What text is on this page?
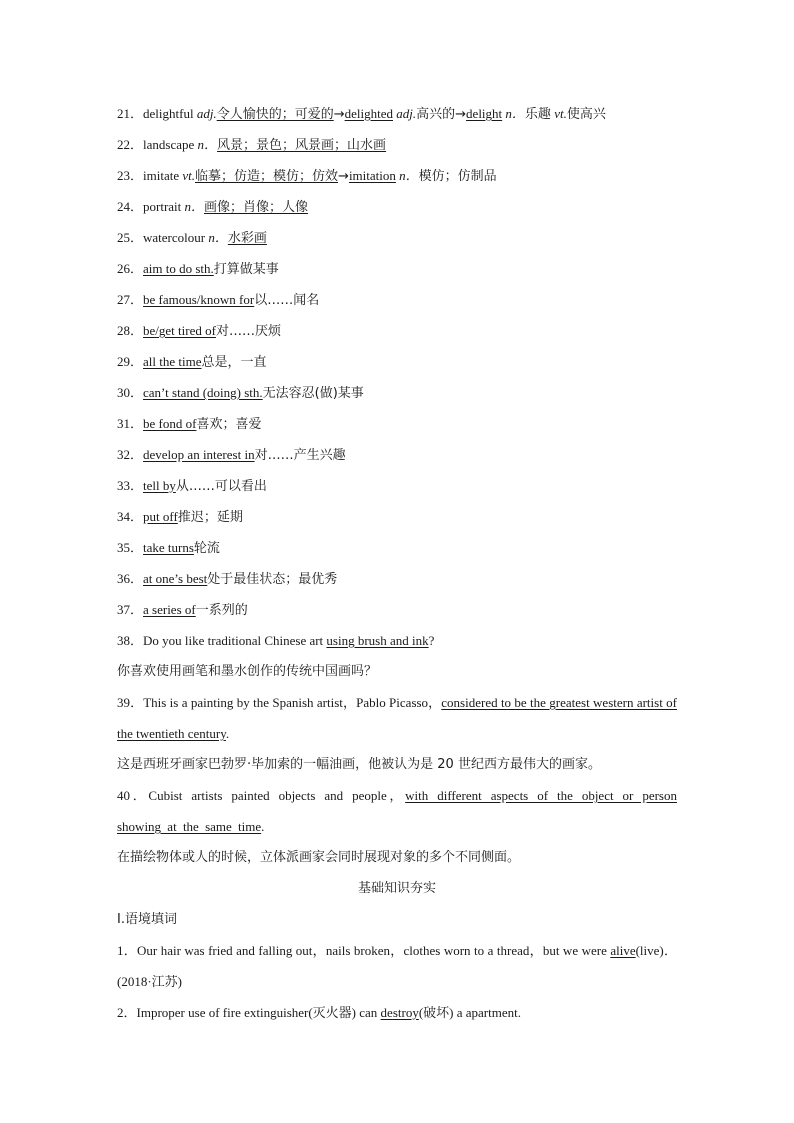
21．delightful adj.令人愉快的；可爱的→delighted adj.高兴的→delight n．乐趣 vt.使高兴
22．landscape n．风景；景色；风景画；山水画
23．imitate vt.临摹；仿造；模仿；仿效→imitation n．模仿；仿制品
24．portrait n．画像；肖像；人像
25．watercolour n．水彩画
26．aim to do sth.打算做某事
27．be famous/known for以……闻名
28．be/get tired of对……厌烦
29．all the time总是，一直
30．can’t stand (doing) sth.无法容忍(做)某事
31．be fond of喜欢；喜爱
32．develop an interest in对……产生兴趣
33．tell by从……可以看出
34．put off推迟；延期
35．take turns轮流
36．at one’s best处于最佳状态；最优秀
37．a series of一系列的
38．Do you like traditional Chinese art using brush and ink?
你喜欢使用画笔和墨水创作的传统中国画吗？
39．This is a painting by the Spanish artist，Pablo Picasso，considered to be the greatest western artist of the twentieth century.
这是西班牙画家巴勃罗·毕加索的一幅油画，他被认为是 20 世纪西方最伟大的画家。
40．Cubist artists painted objects and people，with different aspects of the object or person showing at the same time.
在描绘物体或人的时候，立体派画家会同时展现对象的多个不同侧面。
基础知识夯实
Ⅰ.语境填词
1．Our hair was fried and falling out，nails broken，clothes worn to a thread，but we were alive(live)．(2018·江苏)
2．Improper use of fire extinguisher(灭火器) can destroy(破坏) a apartment.
